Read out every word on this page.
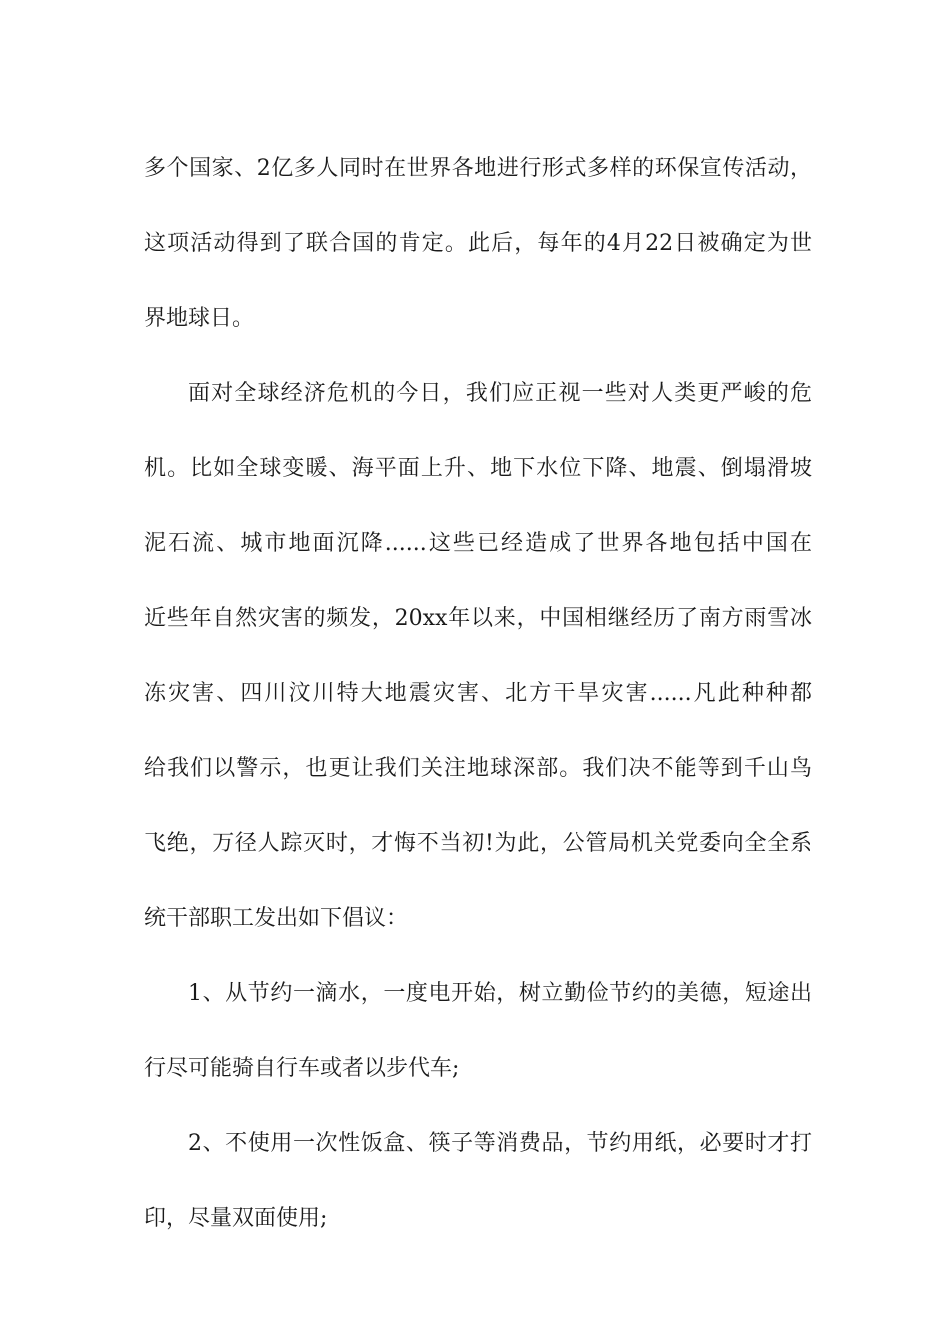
多个国家、2亿多人同时在世界各地进行形式多样的环保宣传活动，
这项活动得到了联合国的肯定。此后，每年的4月22日被确定为世
界地球日。
面对全球经济危机的今日，我们应正视一些对人类更严峻的危
机。比如全球变暖、海平面上升、地下水位下降、地震、倒塌滑坡
泥石流、城市地面沉降......这些已经造成了世界各地包括中国在
近些年自然灾害的频发，20xx年以来，中国相继经历了南方雨雪冰
冻灾害、四川汶川特大地震灾害、北方干旱灾害......凡此种种都
给我们以警示，也更让我们关注地球深部。我们决不能等到千山鸟
飞绝，万径人踪灭时，才悔不当初!为此，公管局机关党委向全全系
统干部职工发出如下倡议：
1、从节约一滴水，一度电开始，树立勤俭节约的美德，短途出
行尽可能骑自行车或者以步代车;
2、不使用一次性饭盒、筷子等消费品，节约用纸，必要时才打
印，尽量双面使用;
